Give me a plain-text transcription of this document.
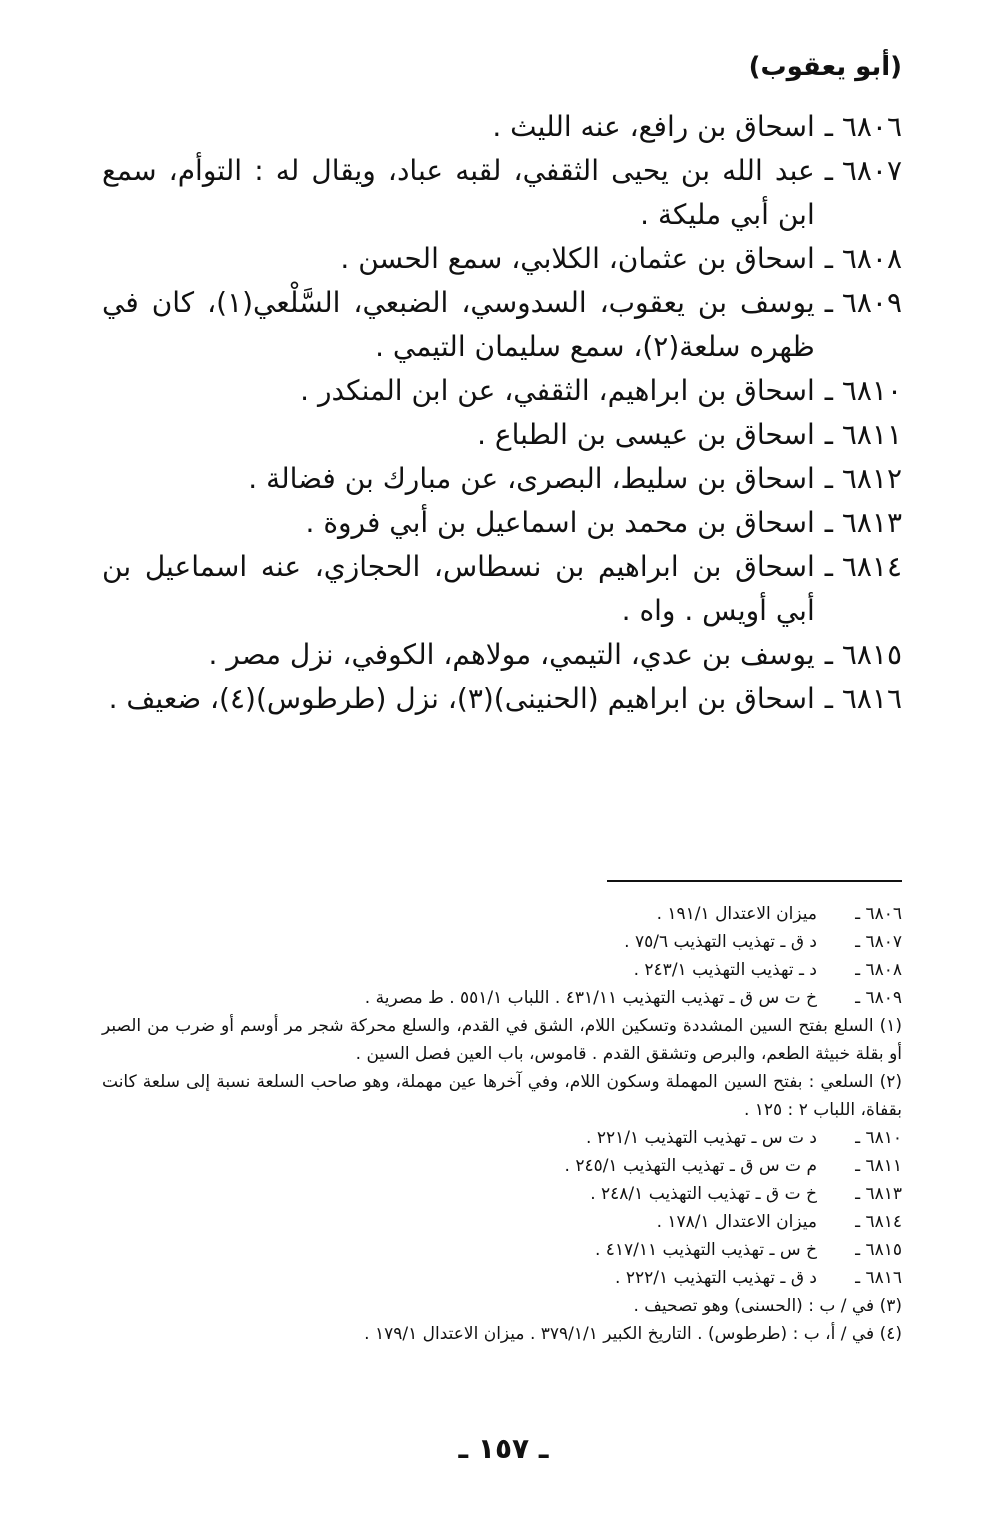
(أبو يعقوب)
٦٨٠٦ ـ
اسحاق بن رافع، عنه الليث .
٦٨٠٧ ـ
عبد الله بن يحيى الثقفي، لقبه عباد، ويقال له : التوأم، سمع ابن أبي مليكة .
٦٨٠٨ ـ
اسحاق بن عثمان، الكلابي، سمع الحسن .
٦٨٠٩ ـ
يوسف بن يعقوب، السدوسي، الضبعي، السَّلْعي(١)، كان في ظهره سلعة(٢)، سمع سليمان التيمي .
٦٨١٠ ـ
اسحاق بن ابراهيم، الثقفي، عن ابن المنكدر .
٦٨١١ ـ
اسحاق بن عيسى بن الطباع .
٦٨١٢ ـ
اسحاق بن سليط، البصرى، عن مبارك بن فضالة .
٦٨١٣ ـ
اسحاق بن محمد بن اسماعيل بن أبي فروة .
٦٨١٤ ـ
اسحاق بن ابراهيم بن نسطاس، الحجازي، عنه اسماعيل بن أبي أويس . واه .
٦٨١٥ ـ
يوسف بن عدي، التيمي، مولاهم، الكوفي، نزل مصر .
٦٨١٦ ـ
اسحاق بن ابراهيم (الحنينى)(٣)، نزل (طرطوس)(٤)، ضعيف .
٦٨٠٦ ـ
ميزان الاعتدال ١٩١/١ .
٦٨٠٧ ـ
د ق ـ تهذيب التهذيب ٧٥/٦ .
٦٨٠٨ ـ
د ـ تهذيب التهذيب ٢٤٣/١ .
٦٨٠٩ ـ
خ ت س ق ـ تهذيب التهذيب ٤٣١/١١ . اللباب ٥٥١/١ . ط مصرية .
(١) السلع بفتح السين المشددة وتسكين اللام، الشق في القدم، والسلع محركة شجر مر أوسم أو ضرب من الصبر أو بقلة خبيثة الطعم، والبرص وتشقق القدم . قاموس، باب العين فصل السين .
(٢) السلعي : بفتح السين المهملة وسكون اللام، وفي آخرها عين مهملة، وهو صاحب السلعة نسبة إلى سلعة كانت بقفاة، اللباب ٢ : ١٢٥ .
٦٨١٠ ـ
د ت س ـ تهذيب التهذيب ٢٢١/١ .
٦٨١١ ـ
م ت س ق ـ تهذيب التهذيب ٢٤٥/١ .
٦٨١٣ ـ
خ ت ق ـ تهذيب التهذيب ٢٤٨/١ .
٦٨١٤ ـ
ميزان الاعتدال ١٧٨/١ .
٦٨١٥ ـ
خ س ـ تهذيب التهذيب ٤١٧/١١ .
٦٨١٦ ـ
د ق ـ تهذيب التهذيب ٢٢٢/١ .
(٣) في / ب : (الحسنى) وهو تصحيف .
(٤) في / أ، ب : (طرطوس) . التاريخ الكبير ٣٧٩/١/١ . ميزان الاعتدال ١٧٩/١ .
ـ ١٥٧ ـ
